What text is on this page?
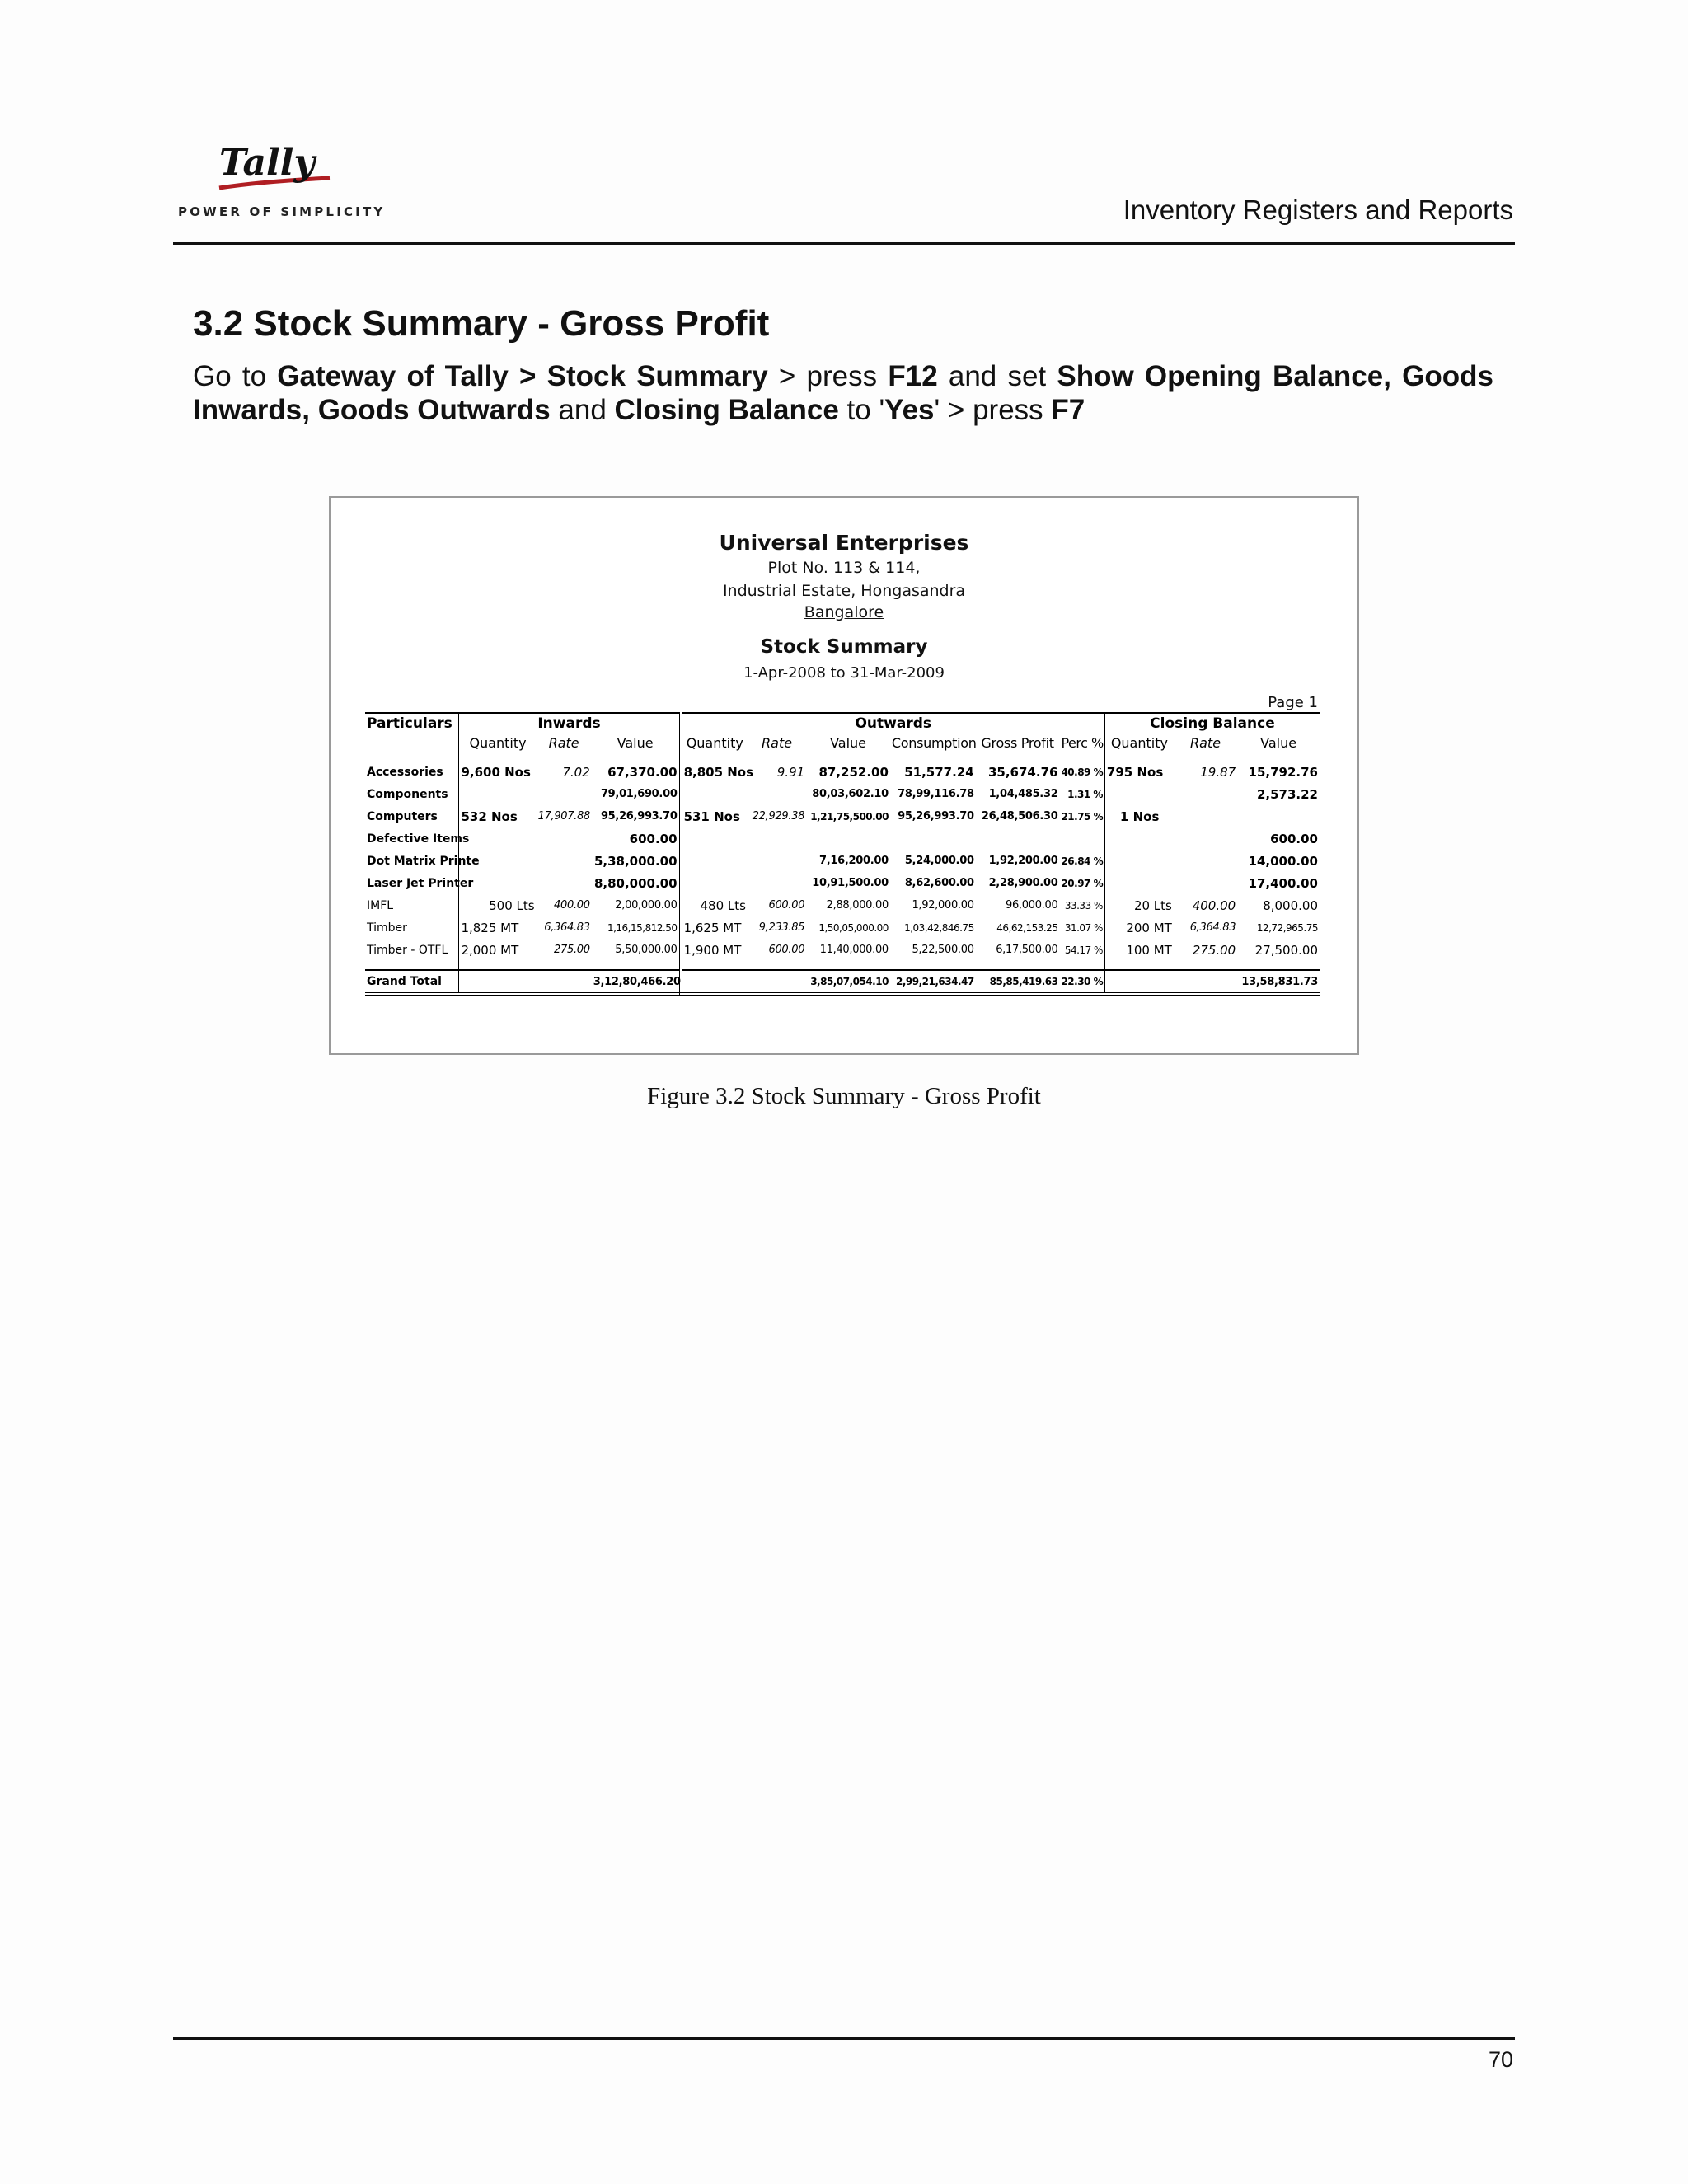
Tally
POWER OF SIMPLICITY	Inventory Registers and Reports
3.2 Stock Summary - Gross Profit

Go to Gateway of Tally > Stock Summary > press F12 and set Show Opening Balance, Goods Inwards, Goods Outwards and Closing Balance to 'Yes' > press F7

Universal Enterprises
Plot No. 113 & 114,
Industrial Estate, Hongasandra
Bangalore
Stock Summary
1-Apr-2008 to 31-Mar-2009
Page 1
Particulars	Inwards			Outwards						Closing Balance		
	Quantity	Rate	Value	Quantity	Rate	Value	Consumption	Gross Profit	Perc %	Quantity	Rate	Value

Accessories	9,600 Nos	7.02	67,370.00	8,805 Nos	9.91	87,252.00	51,577.24	35,674.76	40.89 %	795 Nos	19.87	15,792.76
Components			79,01,690.00			80,03,602.10	78,99,116.78	1,04,485.32	1.31 %			2,573.22
Computers	532 Nos	17,907.88	95,26,993.70	531 Nos	22,929.38	1,21,75,500.00	95,26,993.70	26,48,506.30	21.75 %	1 Nos		
Defective Items			600.00									600.00
Dot Matrix Printe			5,38,000.00			7,16,200.00	5,24,000.00	1,92,200.00	26.84 %			14,000.00
Laser Jet Printer			8,80,000.00			10,91,500.00	8,62,600.00	2,28,900.00	20.97 %			17,400.00
IMFL	500 Lts	400.00	2,00,000.00	480 Lts	600.00	2,88,000.00	1,92,000.00	96,000.00	33.33 %	20 Lts	400.00	8,000.00
Timber	1,825 MT	6,364.83	1,16,15,812.50	1,625 MT	9,233.85	1,50,05,000.00	1,03,42,846.75	46,62,153.25	31.07 %	200 MT	6,364.83	12,72,965.75
Timber - OTFL	2,000 MT	275.00	5,50,000.00	1,900 MT	600.00	11,40,000.00	5,22,500.00	6,17,500.00	54.17 %	100 MT	275.00	27,500.00

Grand Total			3,12,80,466.20			3,85,07,054.10	2,99,21,634.47	85,85,419.63	22.30 %			13,58,831.73
Figure 3.2 Stock Summary - Gross Profit
70
